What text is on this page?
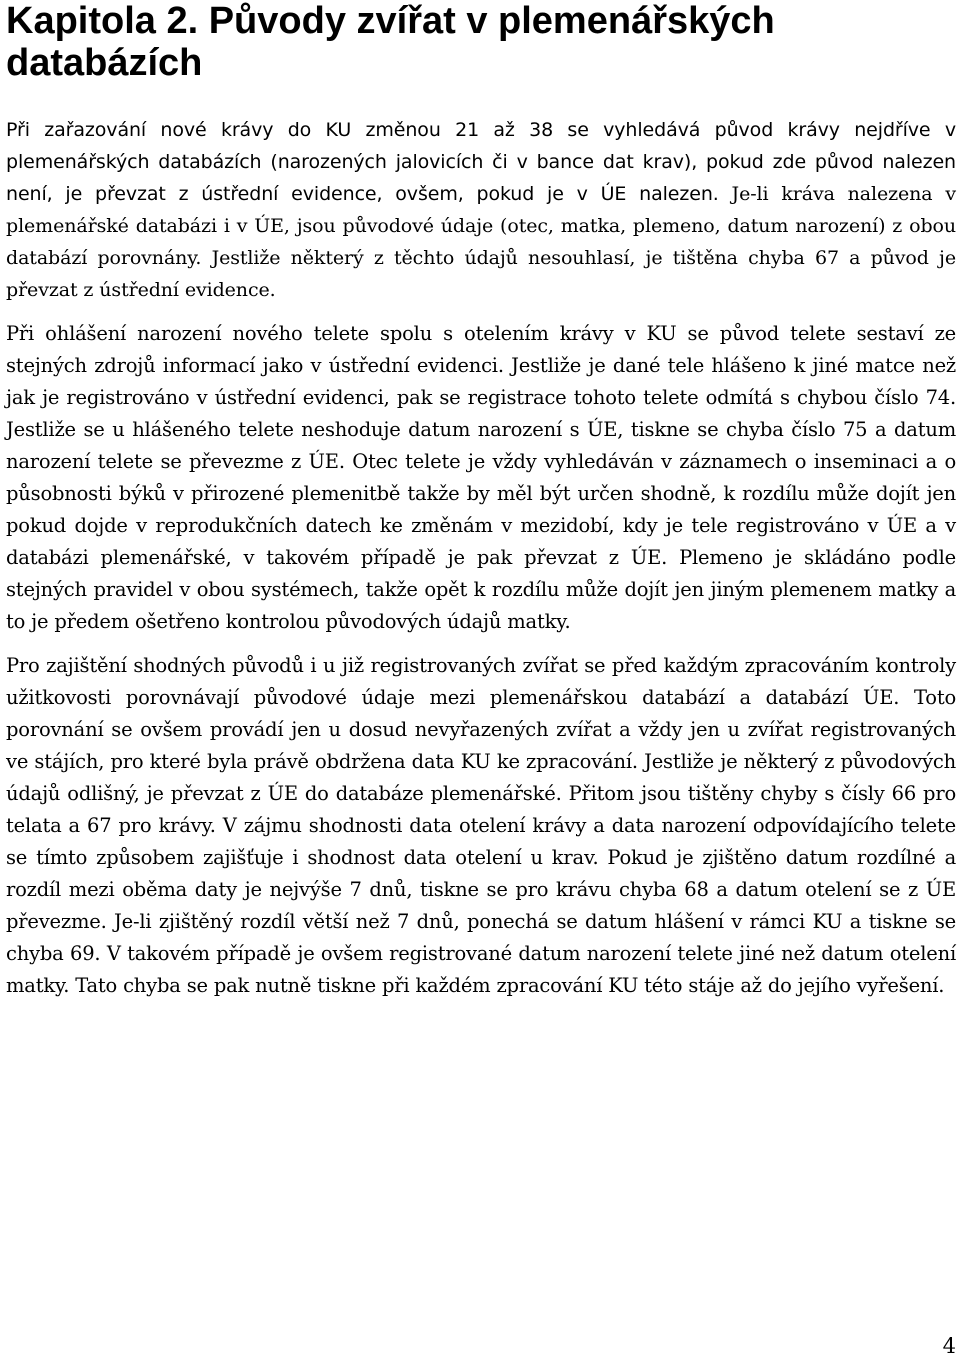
Kapitola 2. Původy zvířat v plemenářských databázích

Při zařazování nové krávy do KU změnou 21 až 38 se vyhledává původ krávy nejdříve v plemenářských databázích (narozených jalovicích či v bance dat krav), pokud zde původ nalezen není, je převzat z ústřední evidence, ovšem, pokud je v ÚE nalezen. Je-li kráva nalezena v plemenářské databázi i v ÚE, jsou původové údaje (otec, matka, plemeno, datum narození) z obou databází porovnány. Jestliže některý z těchto údajů nesouhlasí, je tištěna chyba 67 a původ je převzat z ústřední evidence.

Při ohlášení narození nového telete spolu s otelením krávy v KU se původ telete sestaví ze stejných zdrojů informací jako v ústřední evidenci. Jestliže je dané tele hlášeno k jiné matce než jak je registrováno v ústřední evidenci, pak se registrace tohoto telete odmítá s chybou číslo 74. Jestliže se u hlášeného telete neshoduje datum narození s ÚE, tiskne se chyba číslo 75 a datum narození telete se převezme z ÚE. Otec telete je vždy vyhledáván v záznamech o inseminaci a o působnosti býků v přirozené plemenitbě takže by měl být určen shodně, k rozdílu může dojít jen pokud dojde v reprodukčních datech ke změnám v mezidobí, kdy je tele registrováno v ÚE a v databázi plemenářské, v takovém případě je pak převzat z ÚE. Plemeno je skládáno podle stejných pravidel v obou systémech, takže opět k rozdílu může dojít jen jiným plemenem matky a to je předem ošetřeno kontrolou původových údajů matky.

Pro zajištění shodných původů i u již registrovaných zvířat se před každým zpracováním kontroly užitkovosti porovnávají původové údaje mezi plemenářskou databází a databází ÚE. Toto porovnání se ovšem provádí jen u dosud nevyřazených zvířat a vždy jen u zvířat registrovaných ve stájích, pro které byla právě obdržena data KU ke zpracování. Jestliže je některý z původových údajů odlišný, je převzat z ÚE do databáze plemenářské. Přitom jsou tištěny chyby s čísly 66 pro telata a 67 pro krávy. V zájmu shodnosti data otelení krávy a data narození odpovídajícího telete se tímto způsobem zajišťuje i shodnost data otelení u krav. Pokud je zjištěno datum rozdílné a rozdíl mezi oběma daty je nejvýše 7 dnů, tiskne se pro krávu chyba 68 a datum otelení se z ÚE převezme. Je-li zjištěný rozdíl větší než 7 dnů, ponechá se datum hlášení v rámci KU a tiskne se chyba 69. V takovém případě je ovšem registrované datum narození telete jiné než datum otelení matky. Tato chyba se pak nutně tiskne při každém zpracování KU této stáje až do jejího vyřešení.

4
